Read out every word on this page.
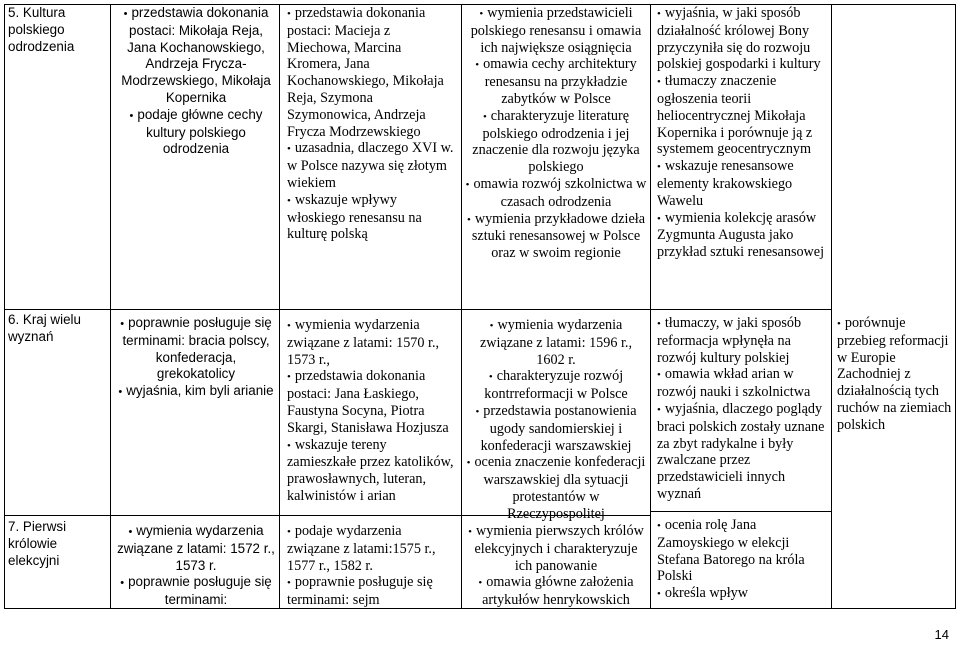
5. Kultura polskiego odrodzenia
6. Kraj wielu wyznań
7. Pierwsi królowie elekcyjni
• przedstawia dokonania postaci: Mikołaja Reja, Jana Kochanowskiego, Andrzeja Frycza-Modrzewskiego, Mikołaja Kopernika
• podaje główne cechy kultury polskiego odrodzenia
• poprawnie posługuje się terminami: bracia polscy, konfederacja, grekokatolicy
• wyjaśnia, kim byli arianie
• wymienia wydarzenia związane z latami: 1572 r., 1573 r.
• poprawnie posługuje się terminami:
• przedstawia dokonania postaci: Macieja z Miechowa, Marcina Kromera, Jana Kochanowskiego, Mikołaja Reja, Szymona Szymonowica, Andrzeja Frycza Modrzewskiego
• uzasadnia, dlaczego XVI w. w Polsce nazywa się złotym wiekiem
• wskazuje wpływy włoskiego renesansu na kulturę polską
• wymienia wydarzenia związane z latami: 1570 r., 1573 r.,
• przedstawia dokonania postaci: Jana Łaskiego, Faustyna Socyna, Piotra Skargi, Stanisława Hozjusza
• wskazuje tereny zamieszkałe przez katolików, prawosławnych, luteran, kalwinistów i arian
• podaje wydarzenia związane z latami:1575 r., 1577 r., 1582 r.
• poprawnie posługuje się terminami: sejm
• wymienia przedstawicieli polskiego renesansu i omawia ich największe osiągnięcia
• omawia cechy architektury renesansu na przykładzie zabytków w Polsce
• charakteryzuje literaturę polskiego odrodzenia i jej znaczenie dla rozwoju języka polskiego
• omawia rozwój szkolnictwa w czasach odrodzenia
• wymienia przykładowe dzieła sztuki renesansowej w Polsce oraz w swoim regionie
• wymienia wydarzenia związane z latami: 1596 r., 1602 r.
• charakteryzuje rozwój kontrreformacji w Polsce
• przedstawia postanowienia ugody sandomierskiej i konfederacji warszawskiej
• ocenia znaczenie konfederacji warszawskiej dla sytuacji protestantów w Rzeczypospolitej
• wymienia pierwszych królów elekcyjnych i charakteryzuje ich panowanie
• omawia główne założenia artykułów henrykowskich
• wyjaśnia, w jaki sposób działalność królowej Bony przyczyniła się do rozwoju polskiej gospodarki i kultury
• tłumaczy znaczenie ogłoszenia teorii heliocentrycznej Mikołaja Kopernika i porównuje ją z systemem geocentrycznym
• wskazuje renesansowe elementy krakowskiego Wawelu
• wymienia kolekcję arasów Zygmunta Augusta jako przykład sztuki renesansowej
• tłumaczy, w jaki sposób reformacja wpłynęła na rozwój kultury polskiej
• omawia wkład arian w rozwój nauki i szkolnictwa
• wyjaśnia, dlaczego poglądy braci polskich zostały uznane za zbyt radykalne i były zwalczane przez przedstawicieli innych wyznań
• ocenia rolę Jana Zamoyskiego w elekcji Stefana Batorego na króla Polski
• określa wpływ
• porównuje przebieg reformacji w Europie Zachodniej z działalnością tych ruchów na ziemiach polskich
14
